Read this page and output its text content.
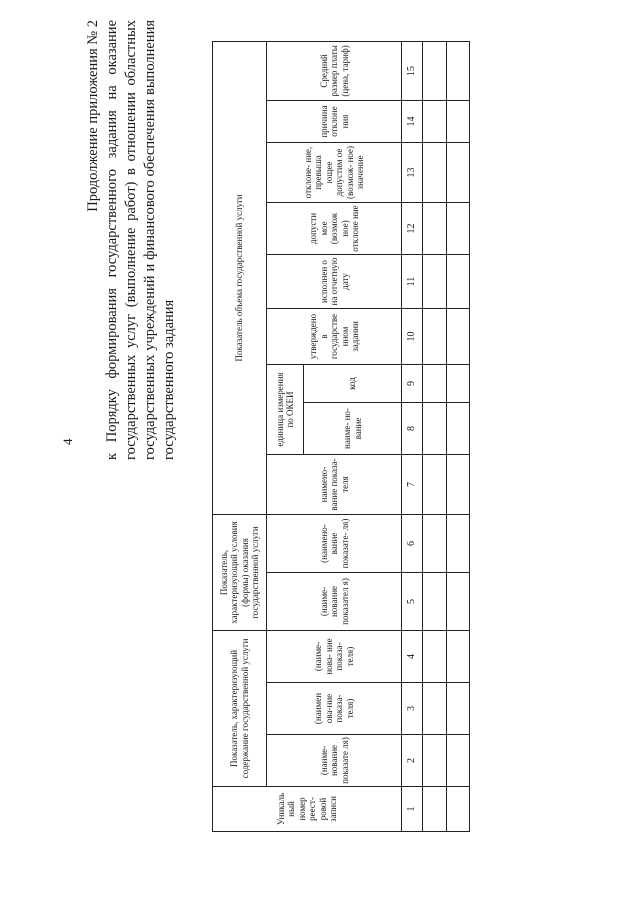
4
Продолжение приложения № 2 к Порядку формирования государственного задания на оказание государственных услуг (выполнение работ) в отношении областных государственных учреждений и финансового обеспечения выполнения государственного задания
Уникаль ный номер реест- ровой записи	Показатель, характеризующий содержание государственной услуги			Показатель, характеризующий условия (формы) оказания государственной услуги		Показатель объема государственной услуги								
	(наиме- нование показате ля)	(наимен ова-ние показа- теля)	(наиме- нова- ние показа- теля)	(наиме- нование показател я)	(наимено- вание показате- ля)	наимено- вание показа- теля	единица измерения по ОКЕИ		утверждено в государстве нном задании	исполнен о на отчетную дату	допусти мое (возмож ное) отклоне ние	отклоне- ние, превыша ющее допустим ое (возмож- ное) значение	причина отклоне ния	Средний размер платы (цена, тариф)
							наиме- но- вание	код						
1	2	3	4	5	6	7	8	9	10	11	12	13	14	15
